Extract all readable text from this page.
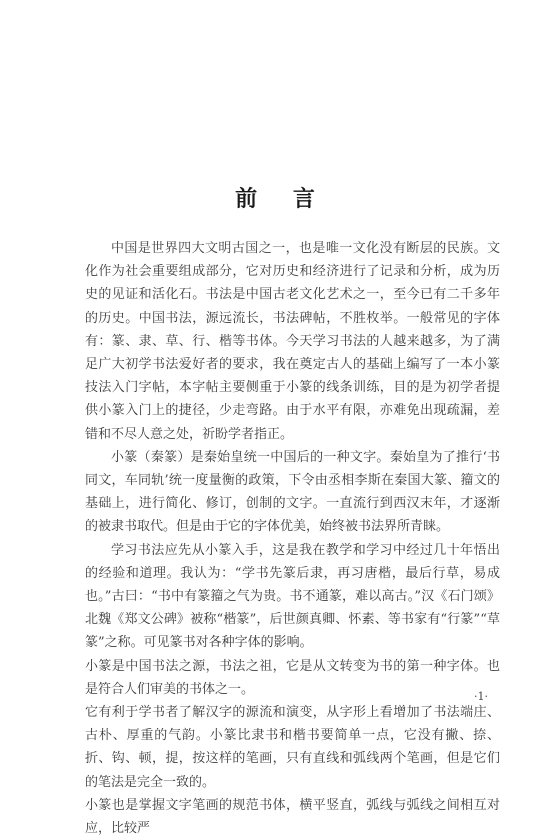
前 言

中国是世界四大文明古国之一，也是唯一文化没有断层的民族。文化作为社会重要组成部分，它对历史和经济进行了记录和分析，成为历史的见证和活化石。书法是中国古老文化艺术之一，至今已有二千多年的历史。中国书法，源远流长，书法碑帖，不胜枚举。一般常见的字体有：篆、隶、草、行、楷等书体。今天学习书法的人越来越多，为了满足广大初学书法爱好者的要求，我在奠定古人的基础上编写了一本小篆技法入门字帖，本字帖主要侧重于小篆的线条训练，目的是为初学者提供小篆入门上的捷径，少走弯路。由于水平有限，亦难免出现疏漏，差错和不尽人意之处，祈盼学者指正。

小篆（秦篆）是秦始皇统一中国后的一种文字。秦始皇为了推行‘书同文，车同轨’统一度量衡的政策，下令由丞相李斯在秦国大篆、籀文的基础上，进行简化、修订，创制的文字。一直流行到西汉末年，才逐渐的被隶书取代。但是由于它的字体优美，始终被书法界所青睐。

学习书法应先从小篆入手，这是我在教学和学习中经过几十年悟出的经验和道理。我认为：“学书先篆后隶，再习唐楷，最后行草，易成也。”古曰：“书中有篆籀之气为贵。书不通篆，难以高古。”汉《石门颂》北魏《郑文公碑》被称“楷篆”，后世颜真卿、怀素、等书家有“行篆”“草篆”之称。可见篆书对各种字体的影响。

小篆是中国书法之源，书法之祖，它是从文转变为书的第一种字体。也是符合人们审美的书体之一。

它有利于学书者了解汉字的源流和演变，从字形上看增加了书法端庄、古朴、厚重的气韵。小篆比隶书和楷书要简单一点，它没有撇、捺、折、钩、顿，提，按这样的笔画，只有直线和弧线两个笔画，但是它们的笔法是完全一致的。

小篆也是掌握文字笔画的规范书体，横平竖直，弧线与弧线之间相互对应，比较严

·1·
